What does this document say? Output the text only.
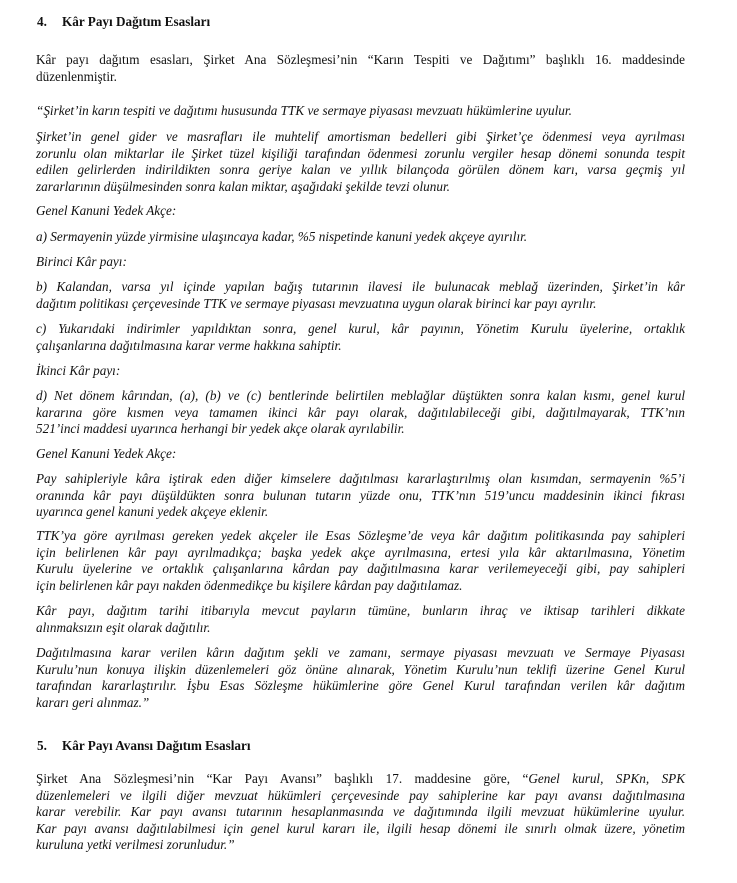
4. Kâr Payı Dağıtım Esasları
Kâr payı dağıtım esasları, Şirket Ana Sözleşmesi’nin “Karın Tespiti ve Dağıtımı” başlıklı 16. maddesinde
düzenlenmiştir.
“Şirket’in karın tespiti ve dağıtımı hususunda TTK ve sermaye piyasası mevzuatı hükümlerine uyulur.
Şirket’in genel gider ve masrafları ile muhtelif amortisman bedelleri gibi Şirket’çe ödenmesi veya ayrılması
zorunlu olan miktarlar ile Şirket tüzel kişiliği tarafından ödenmesi zorunlu vergiler hesap dönemi sonunda tespit
edilen gelirlerden indirildikten sonra geriye kalan ve yıllık bilançoda görülen dönem karı, varsa geçmiş yıl
zararlarının düşülmesinden sonra kalan miktar, aşağıdaki şekilde tevzi olunur.
Genel Kanuni Yedek Akçe:
a) Sermayenin yüzde yirmisine ulaşıncaya kadar, %5 nispetinde kanuni yedek akçeye ayırılır.
Birinci Kâr payı:
b) Kalandan, varsa yıl içinde yapılan bağış tutarının ilavesi ile bulunacak meblağ üzerinden, Şirket’in kâr
dağıtım politikası çerçevesinde TTK ve sermaye piyasası mevzuatına uygun olarak birinci kar payı ayrılır.
c) Yukarıdaki indirimler yapıldıktan sonra, genel kurul, kâr payının, Yönetim Kurulu üyelerine, ortaklık
çalışanlarına dağıtılmasına karar verme hakkına sahiptir.
İkinci Kâr payı:
d) Net dönem kârından, (a), (b) ve (c) bentlerinde belirtilen meblağlar düştükten sonra kalan kısmı, genel kurul
kararına göre kısmen veya tamamen ikinci kâr payı olarak, dağıtılabileceği gibi, dağıtılmayarak, TTK’nın
521’inci maddesi uyarınca herhangi bir yedek akçe olarak ayrılabilir.
Genel Kanuni Yedek Akçe:
Pay sahipleriyle kâra iştirak eden diğer kimselere dağıtılması kararlaştırılmış olan kısımdan, sermayenin %5’i
oranında kâr payı düşüldükten sonra bulunan tutarın yüzde onu, TTK’nın 519’uncu maddesinin ikinci fıkrası
uyarınca genel kanuni yedek akçeye eklenir.
TTK’ya göre ayrılması gereken yedek akçeler ile Esas Sözleşme’de veya kâr dağıtım politikasında pay sahipleri
için belirlenen kâr payı ayrılmadıkça; başka yedek akçe ayrılmasına, ertesi yıla kâr aktarılmasına, Yönetim
Kurulu üyelerine ve ortaklık çalışanlarına kârdan pay dağıtılmasına karar verilemeyeceği gibi, pay sahipleri
için belirlenen kâr payı nakden ödenmedikçe bu kişilere kârdan pay dağıtılamaz.
Kâr payı, dağıtım tarihi itibarıyla mevcut payların tümüne, bunların ihraç ve iktisap tarihleri dikkate
alınmaksızın eşit olarak dağıtılır.
Dağıtılmasına karar verilen kârın dağıtım şekli ve zamanı, sermaye piyasası mevzuatı ve Sermaye Piyasası
Kurulu’nun konuya ilişkin düzenlemeleri göz önüne alınarak, Yönetim Kurulu’nun teklifi üzerine Genel Kurul
tarafından kararlaştırılır. İşbu Esas Sözleşme hükümlerine göre Genel Kurul tarafından verilen kâr dağıtım
kararı geri alınmaz.”
5. Kâr Payı Avansı Dağıtım Esasları
Şirket Ana Sözleşmesi’nin “Kar Payı Avansı” başlıklı 17. maddesine göre, “Genel kurul, SPKn, SPK
düzenlemeleri ve ilgili diğer mevzuat hükümleri çerçevesinde pay sahiplerine kar payı avansı dağıtılmasına
karar verebilir. Kar payı avansı tutarının hesaplanmasında ve dağıtımında ilgili mevzuat hükümlerine uyulur.
Kar payı avansı dağıtılabilmesi için genel kurul kararı ile, ilgili hesap dönemi ile sınırlı olmak üzere, yönetim
kuruluna yetki verilmesi zorunludur.”
